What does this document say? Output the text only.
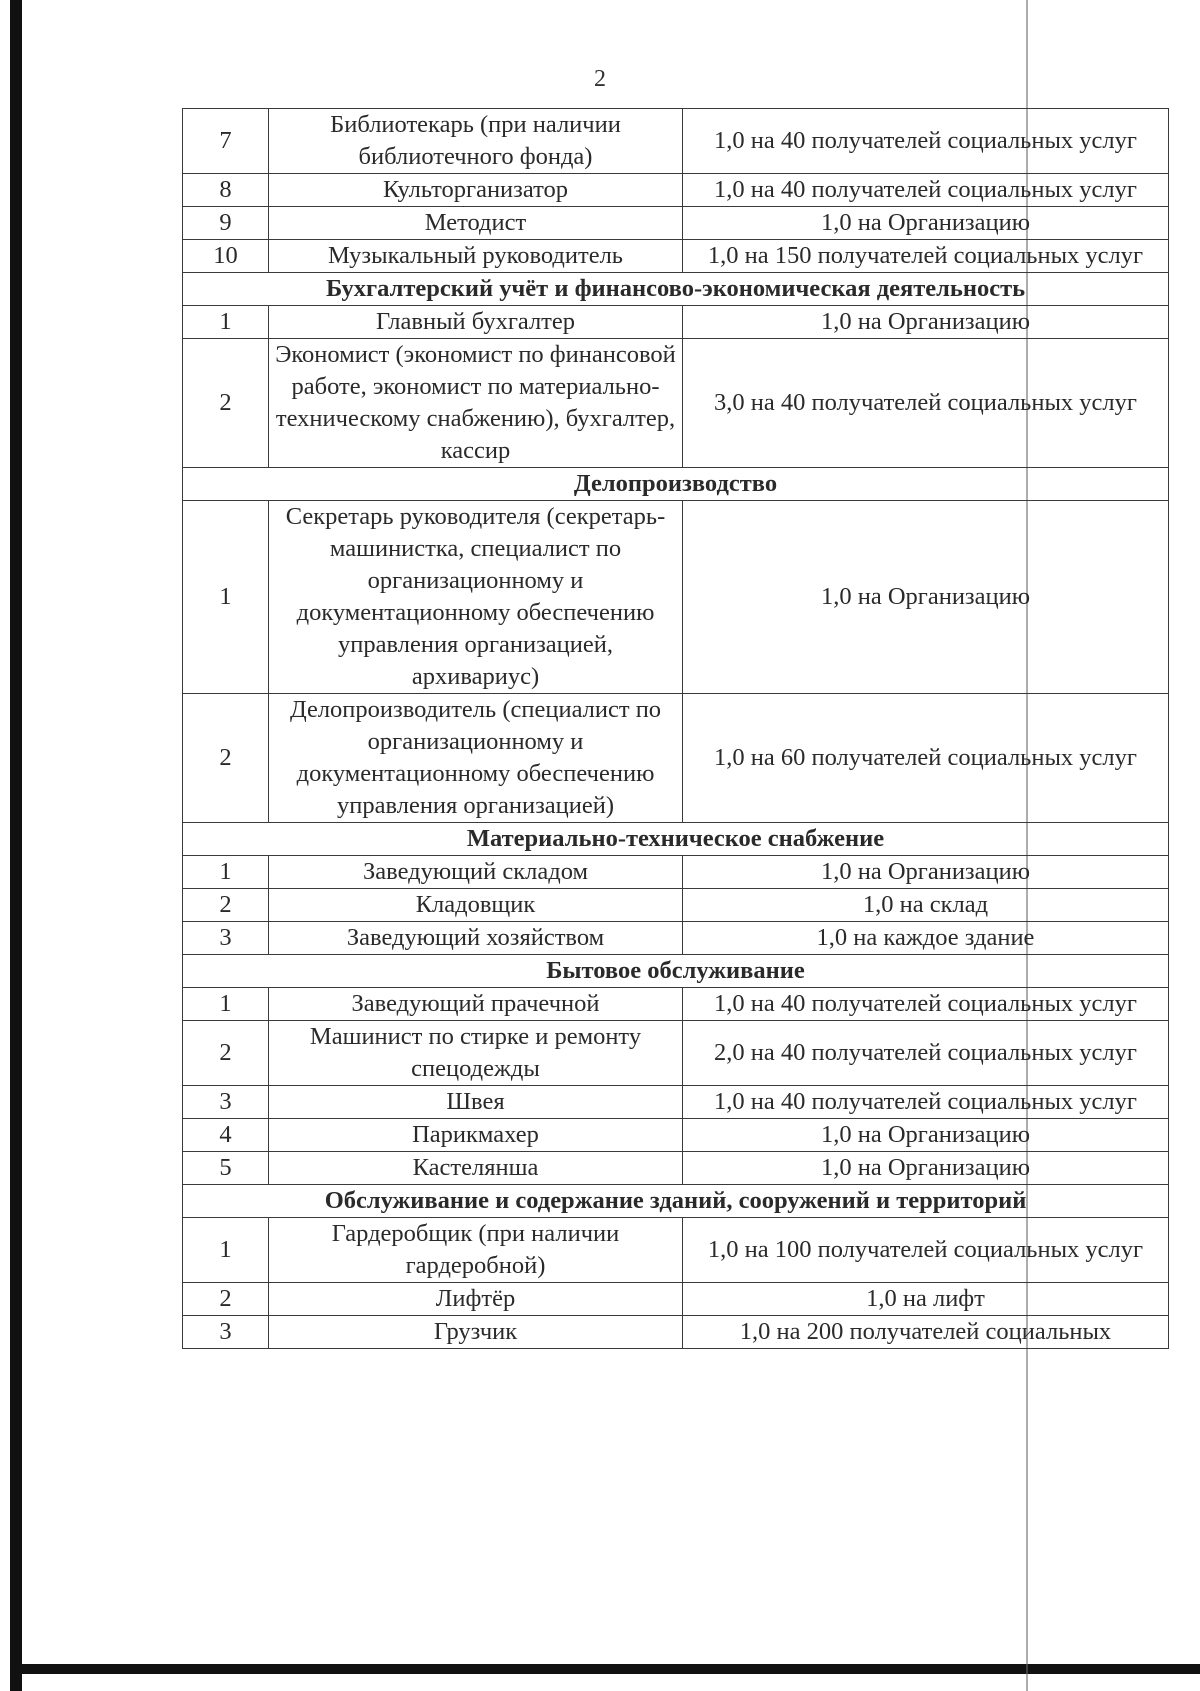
2
7	Библиотекарь (при наличии библиотечного фонда)	1,0 на 40 получателей социальных услуг
8	Культорганизатор	1,0 на 40 получателей социальных услуг
9	Методист	1,0 на Организацию
10	Музыкальный руководитель	1,0 на 150 получателей социальных услуг
Бухгалтерский учёт и финансово-экономическая деятельность		
1	Главный бухгалтер	1,0 на Организацию
2	Экономист (экономист по финансовой работе, экономист по материально-техническому снабжению), бухгалтер, кассир	3,0 на 40 получателей социальных услуг
Делопроизводство		
1	Секретарь руководителя (секретарь-машинистка, специалист по организационному и документационному обеспечению управления организацией, архивариус)	1,0 на Организацию
2	Делопроизводитель (специалист по организационному и документационному обеспечению управления организацией)	1,0 на 60 получателей социальных услуг
Материально-техническое снабжение		
1	Заведующий складом	1,0 на Организацию
2	Кладовщик	1,0 на склад
3	Заведующий хозяйством	1,0 на каждое здание
Бытовое обслуживание		
1	Заведующий прачечной	1,0 на 40 получателей социальных услуг
2	Машинист по стирке и ремонту спецодежды	2,0 на 40 получателей социальных услуг
3	Швея	1,0 на 40 получателей социальных услуг
4	Парикмахер	1,0 на Организацию
5	Кастелянша	1,0 на Организацию
Обслуживание и содержание зданий, сооружений и территорий		
1	Гардеробщик (при наличии гардеробной)	1,0 на 100 получателей социальных услуг
2	Лифтёр	1,0 на лифт
3	Грузчик	1,0 на 200 получателей социальных
